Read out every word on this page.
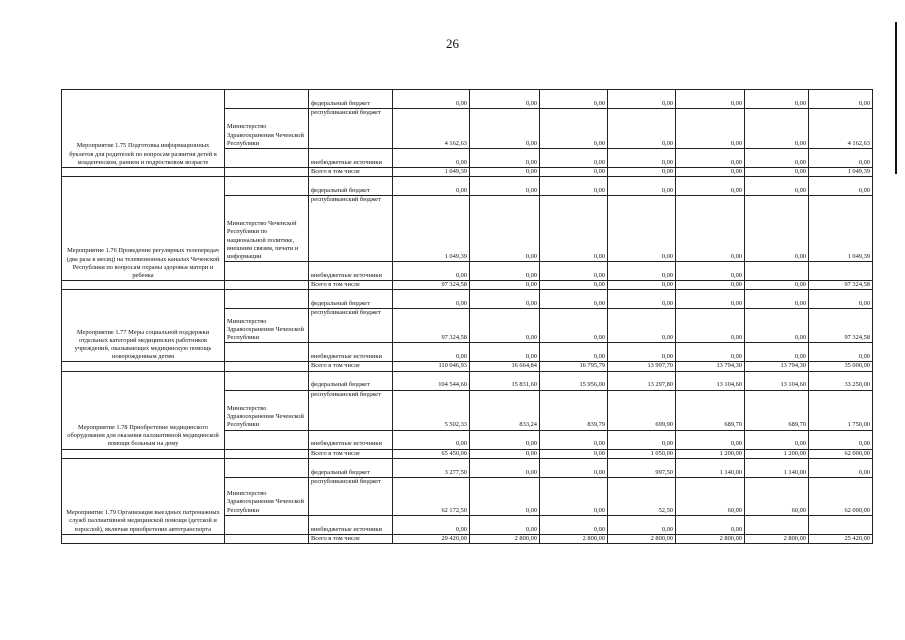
26
Мероприятие 1.75 Подготовка информационных буклетов для родителей по вопросам развития детей в младенческом, раннем и подростковом возрасте		федеральный бюджет	0,00	0,00	0,00	0,00	0,00	0,00	0,00
	Министерство Здравоохранения Чеченской Республики	республиканский бюджет	4 162,63	0,00	0,00	0,00	0,00	0,00	4 162,63
		внебюджетные источники	0,00	0,00	0,00	0,00	0,00	0,00	0,00
		Всего в том числе	1 049,39	0,00	0,00	0,00	0,00	0,00	1 049,39
Мероприятие 1.76 Проведение регулярных телепередач (два раза в месяц) на телевизионных каналах Чеченской Республики по вопросам охраны здоровья матери и ребенка		федеральный бюджет	0,00	0,00	0,00	0,00	0,00	0,00	0,00
	Министерство Чеченской Республики по национальной политике, внешним связям, печати и информации	республиканский бюджет	1 049,39	0,00	0,00	0,00	0,00	0,00	1 049,39
		внебюджетные источники	0,00	0,00	0,00	0,00	0,00		
		Всего в том числе	97 324,58	0,00	0,00	0,00	0,00	0,00	97 324,58
Мероприятие 1.77 Меры социальной поддержки отдельных категорий медицинских работников учреждений, оказывающих медицинскую помощь новорожденным детям		федеральный бюджет	0,00	0,00	0,00	0,00	0,00	0,00	0,00
	Министерство Здравоохранения Чеченской Республики	республиканский бюджет	97 324,58	0,00	0,00	0,00	0,00	0,00	97 324,58
		внебюджетные источники	0,00	0,00	0,00	0,00	0,00	0,00	0,00
		Всего в том числе	110 046,93	16 664,84	16 795,79	13 997,70	13 794,30	13 794,30	35 000,00
Мероприятие 1.78 Приобретение медицинского оборудования для оказания паллиативной медицинской помощи больным на дому		федеральный бюджет	104 544,60	15 831,60	15 956,00	13 297,80	13 104,60	13 104,60	33 250,00
	Министерство Здравоохранения Чеченской Республики	республиканский бюджет	5 502,33	833,24	839,79	699,90	689,70	689,70	1 750,00
		внебюджетные источники	0,00	0,00	0,00	0,00	0,00	0,00	0,00
		Всего в том числе	65 450,00	0,00	0,00	1 050,00	1 200,00	1 200,00	62 000,00
Мероприятие 1.79 Организация выездных патронажных служб паллиативной медицинской помощи (детской и взрослой), включая приобретение автотранспорта		федеральный бюджет	3 277,50	0,00	0,00	997,50	1 140,00	1 140,00	0,00
	Министерство Здравоохранения Чеченской Республики	республиканский бюджет	62 172,50	0,00	0,00	52,50	60,00	60,00	62 000,00
		внебюджетные источники	0,00	0,00	0,00	0,00	0,00		
		Всего в том числе	29 420,00	2 800,00	2 800,00	2 800,00	2 800,00	2 800,00	25 420,00
